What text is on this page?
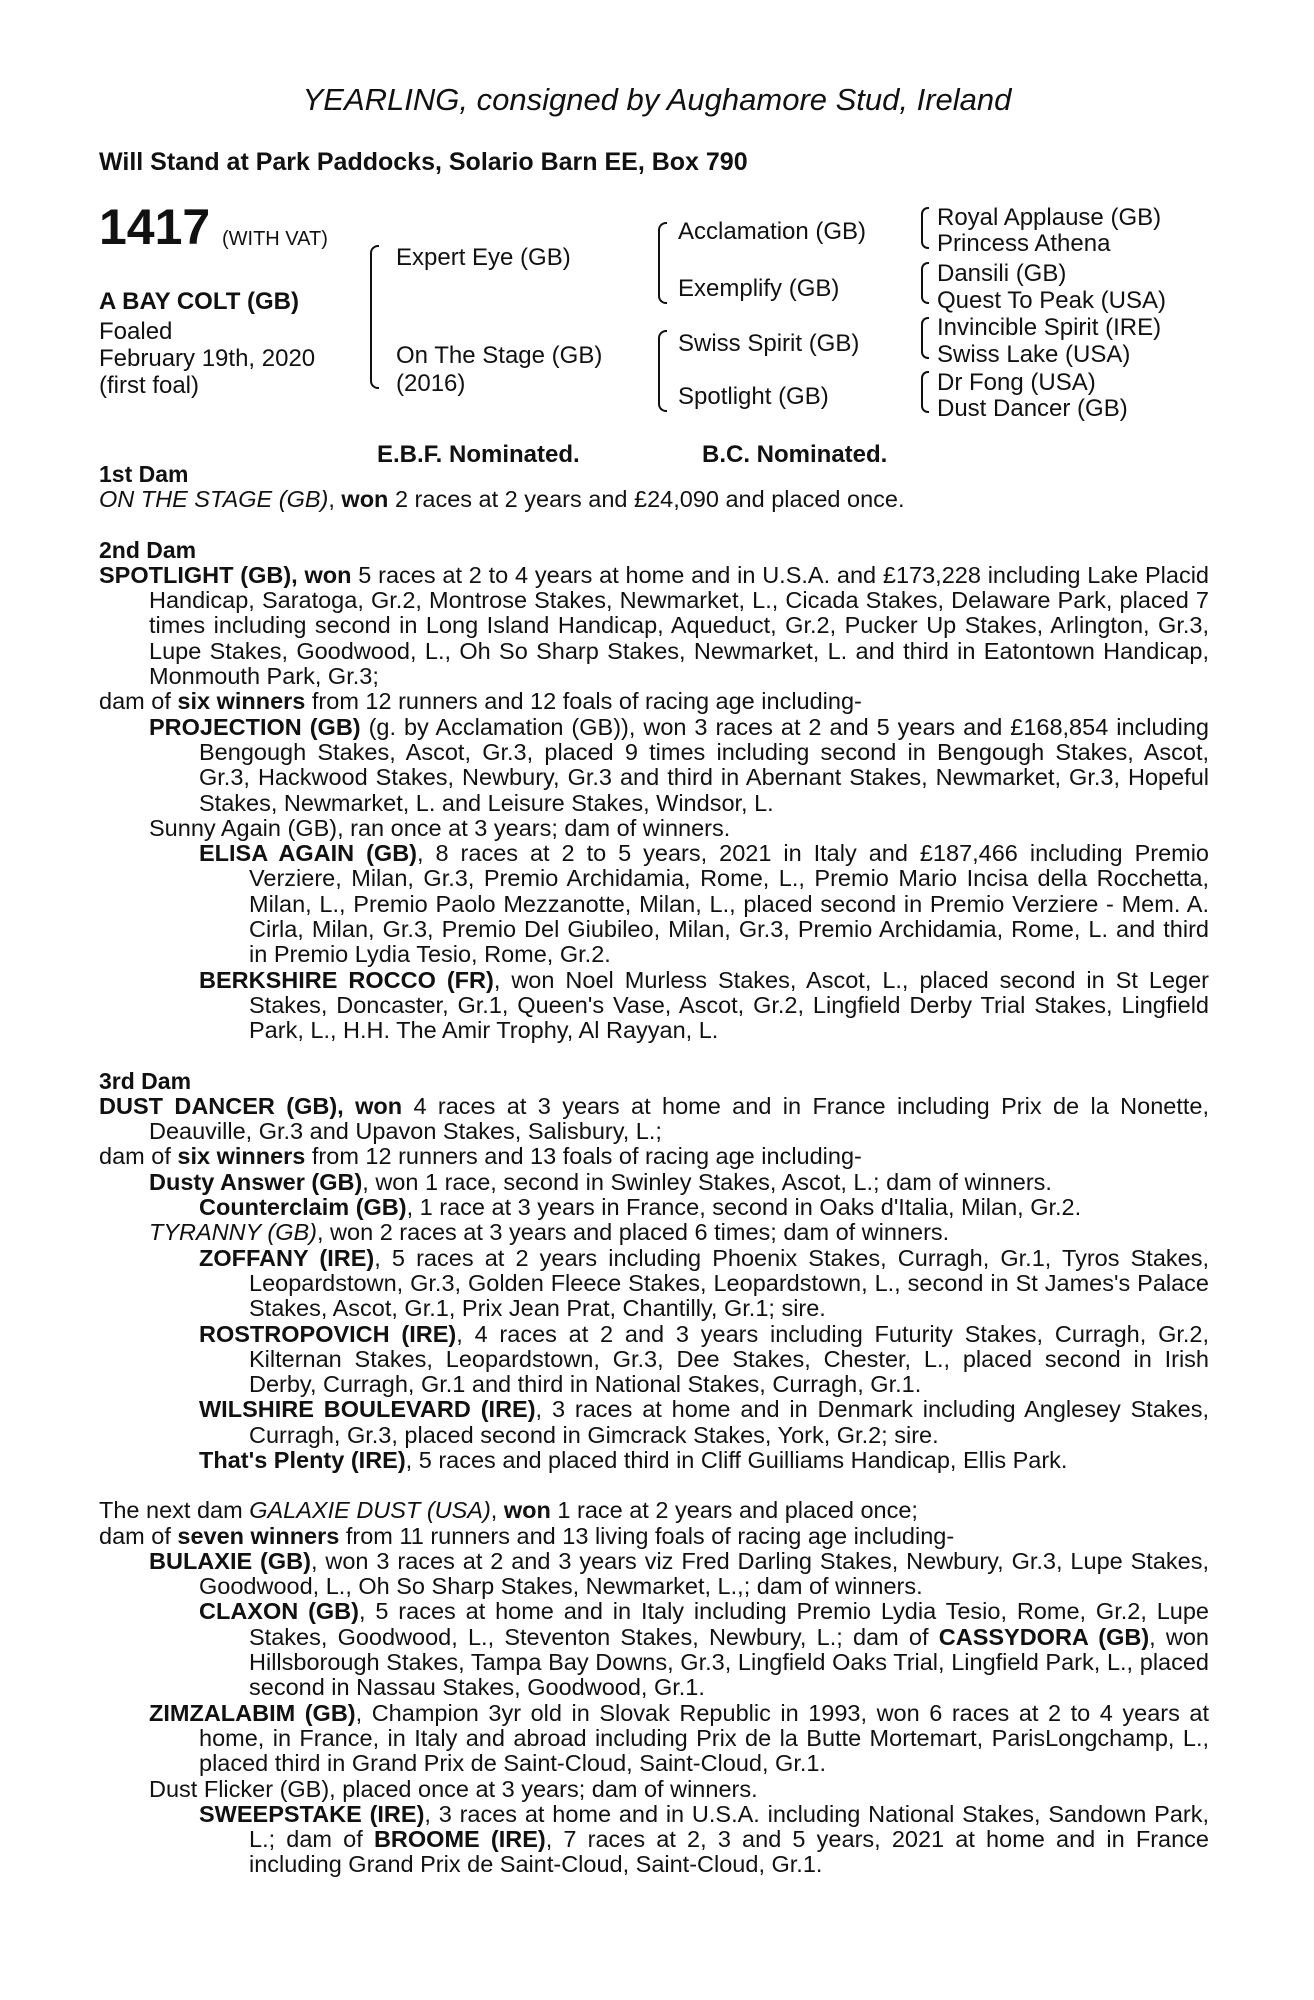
YEARLING, consigned by Aughamore Stud, Ireland
Will Stand at Park Paddocks, Solario Barn EE, Box 790
1417 (WITH VAT)
A BAY COLT (GB)
Foaled
February 19th, 2020
(first foal)
Expert Eye (GB)
On The Stage (GB)
(2016)
Acclamation (GB)
Exemplify (GB)
Swiss Spirit (GB)
Spotlight (GB)
Royal Applause (GB)
Princess Athena
Dansili (GB)
Quest To Peak (USA)
Invincible Spirit (IRE)
Swiss Lake (USA)
Dr Fong (USA)
Dust Dancer (GB)
E.B.F. Nominated.	B.C. Nominated.
1st Dam
ON THE STAGE (GB), won 2 races at 2 years and £24,090 and placed once.
2nd Dam
SPOTLIGHT (GB), won 5 races at 2 to 4 years at home and in U.S.A. and £173,228 including Lake Placid Handicap, Saratoga, Gr.2, Montrose Stakes, Newmarket, L., Cicada Stakes, Delaware Park, placed 7 times including second in Long Island Handicap, Aqueduct, Gr.2, Pucker Up Stakes, Arlington, Gr.3, Lupe Stakes, Goodwood, L., Oh So Sharp Stakes, Newmarket, L. and third in Eatontown Handicap, Monmouth Park, Gr.3;
dam of six winners from 12 runners and 12 foals of racing age including-
PROJECTION (GB) (g. by Acclamation (GB)), won 3 races at 2 and 5 years and £168,854 including Bengough Stakes, Ascot, Gr.3, placed 9 times including second in Bengough Stakes, Ascot, Gr.3, Hackwood Stakes, Newbury, Gr.3 and third in Abernant Stakes, Newmarket, Gr.3, Hopeful Stakes, Newmarket, L. and Leisure Stakes, Windsor, L.
Sunny Again (GB), ran once at 3 years; dam of winners.
ELISA AGAIN (GB), 8 races at 2 to 5 years, 2021 in Italy and £187,466 including Premio Verziere, Milan, Gr.3, Premio Archidamia, Rome, L., Premio Mario Incisa della Rocchetta, Milan, L., Premio Paolo Mezzanotte, Milan, L., placed second in Premio Verziere - Mem. A. Cirla, Milan, Gr.3, Premio Del Giubileo, Milan, Gr.3, Premio Archidamia, Rome, L. and third in Premio Lydia Tesio, Rome, Gr.2.
BERKSHIRE ROCCO (FR), won Noel Murless Stakes, Ascot, L., placed second in St Leger Stakes, Doncaster, Gr.1, Queen's Vase, Ascot, Gr.2, Lingfield Derby Trial Stakes, Lingfield Park, L., H.H. The Amir Trophy, Al Rayyan, L.
3rd Dam
DUST DANCER (GB), won 4 races at 3 years at home and in France including Prix de la Nonette, Deauville, Gr.3 and Upavon Stakes, Salisbury, L.;
dam of six winners from 12 runners and 13 foals of racing age including-
Dusty Answer (GB), won 1 race, second in Swinley Stakes, Ascot, L.; dam of winners.
Counterclaim (GB), 1 race at 3 years in France, second in Oaks d'Italia, Milan, Gr.2.
TYRANNY (GB), won 2 races at 3 years and placed 6 times; dam of winners.
ZOFFANY (IRE), 5 races at 2 years including Phoenix Stakes, Curragh, Gr.1, Tyros Stakes, Leopardstown, Gr.3, Golden Fleece Stakes, Leopardstown, L., second in St James's Palace Stakes, Ascot, Gr.1, Prix Jean Prat, Chantilly, Gr.1; sire.
ROSTROPOVICH (IRE), 4 races at 2 and 3 years including Futurity Stakes, Curragh, Gr.2, Kilternan Stakes, Leopardstown, Gr.3, Dee Stakes, Chester, L., placed second in Irish Derby, Curragh, Gr.1 and third in National Stakes, Curragh, Gr.1.
WILSHIRE BOULEVARD (IRE), 3 races at home and in Denmark including Anglesey Stakes, Curragh, Gr.3, placed second in Gimcrack Stakes, York, Gr.2; sire.
That's Plenty (IRE), 5 races and placed third in Cliff Guilliams Handicap, Ellis Park.
The next dam GALAXIE DUST (USA), won 1 race at 2 years and placed once;
dam of seven winners from 11 runners and 13 living foals of racing age including-
BULAXIE (GB), won 3 races at 2 and 3 years viz Fred Darling Stakes, Newbury, Gr.3, Lupe Stakes, Goodwood, L., Oh So Sharp Stakes, Newmarket, L.,; dam of winners.
CLAXON (GB), 5 races at home and in Italy including Premio Lydia Tesio, Rome, Gr.2, Lupe Stakes, Goodwood, L., Steventon Stakes, Newbury, L.; dam of CASSYDORA (GB), won Hillsborough Stakes, Tampa Bay Downs, Gr.3, Lingfield Oaks Trial, Lingfield Park, L., placed second in Nassau Stakes, Goodwood, Gr.1.
ZIMZALABIM (GB), Champion 3yr old in Slovak Republic in 1993, won 6 races at 2 to 4 years at home, in France, in Italy and abroad including Prix de la Butte Mortemart, ParisLongchamp, L., placed third in Grand Prix de Saint-Cloud, Saint-Cloud, Gr.1.
Dust Flicker (GB), placed once at 3 years; dam of winners.
SWEEPSTAKE (IRE), 3 races at home and in U.S.A. including National Stakes, Sandown Park, L.; dam of BROOME (IRE), 7 races at 2, 3 and 5 years, 2021 at home and in France including Grand Prix de Saint-Cloud, Saint-Cloud, Gr.1.
